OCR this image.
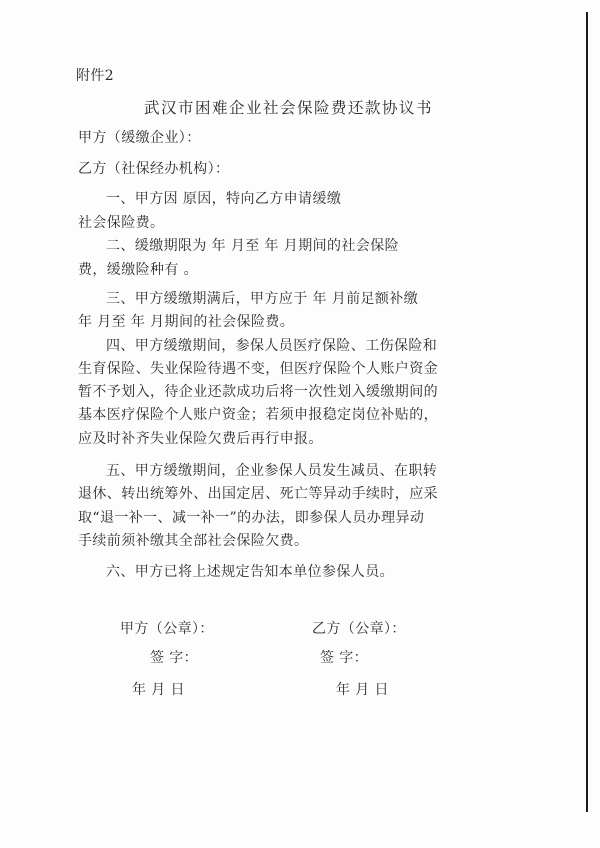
附件2
武汉市困难企业社会保险费还款协议书
甲方（缓缴企业）：
乙方（社保经办机构）：
一、甲方因 原因，特向乙方申请缓缴
社会保险费。
二、缓缴期限为 年 月至 年 月期间的社会保险
费，缓缴险种有 。
三、甲方缓缴期满后，甲方应于 年 月前足额补缴
年 月至 年 月期间的社会保险费。
四、甲方缓缴期间，参保人员医疗保险、工伤保险和
生育保险、失业保险待遇不变，但医疗保险个人账户资金
暂不予划入，待企业还款成功后将一次性划入缓缴期间的
基本医疗保险个人账户资金；若须申报稳定岗位补贴的，
应及时补齐失业保险欠费后再行申报。
五、甲方缓缴期间，企业参保人员发生减员、在职转
退休、转出统筹外、出国定居、死亡等异动手续时，应采
取“退一补一、减一补一”的办法，即参保人员办理异动
手续前须补缴其全部社会保险欠费。
六、甲方已将上述规定告知本单位参保人员。
甲方（公章）：	乙方（公章）：
签 字：	签 字：
年 月 日	年 月 日
